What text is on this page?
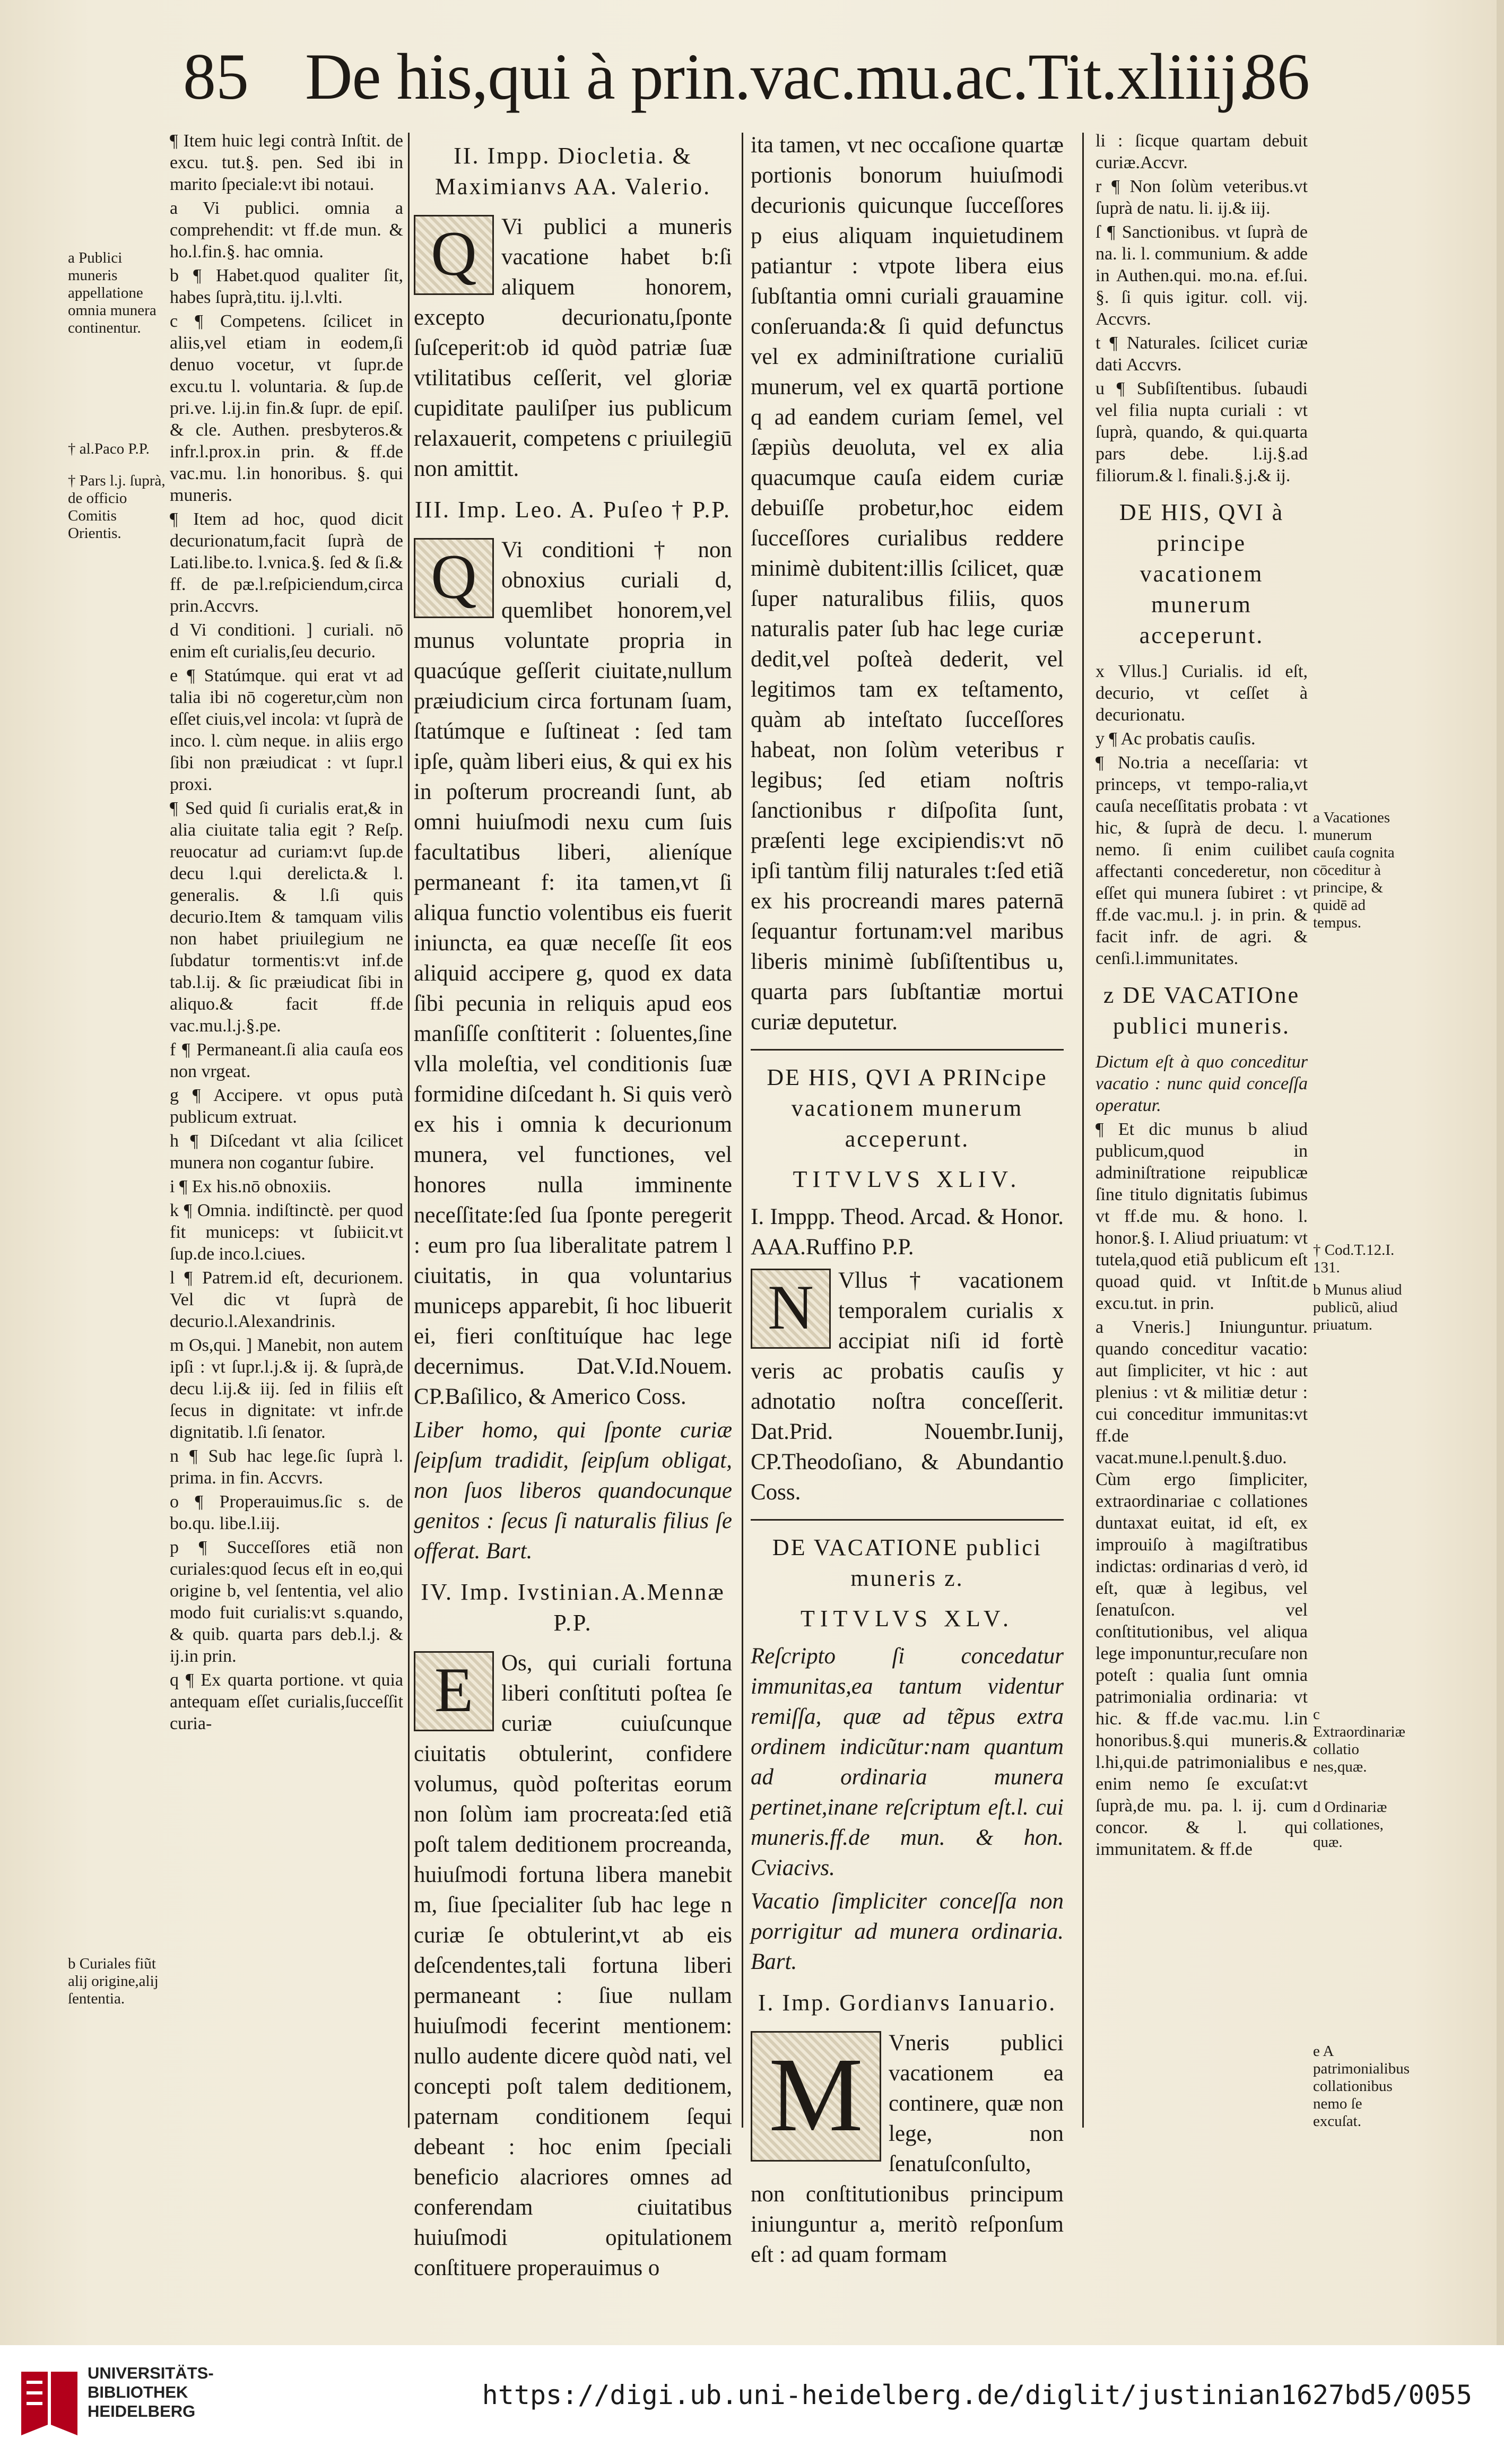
85 De his,qui à prin.vac.mu.ac.Tit.xliiij.
86

¶ Item huic legi contrà Inſtit. de excu. tut.§. pen. Sed ibi in marito ſpeciale:vt ibi notaui.

a Vi publici. omnia a comprehendit: vt ff.de mun. & ho.l.fin.§. hac omnia.

b ¶ Habet.quod qualiter ſit, habes ſuprà,titu. ij.l.vlti.

c ¶ Competens. ſcilicet in aliis,vel etiam in eodem,ſi denuo vocetur, vt ſupr.de excu.tu l. voluntaria. & ſup.de pri.ve. l.ij.in fin.& ſupr. de epiſ. & cle. Authen. presbyteros.& infr.l.prox.in prin. & ff.de vac.mu. l.in honoribus. §. qui muneris.

¶ Item ad hoc, quod dicit decurionatum,facit ſuprà de Lati.libe.to. l.vnica.§. ſed & ſi.& ff. de pæ.l.reſpiciendum,circa prin.Accvrs.

d Vi conditioni. ] curiali. nō enim eſt curialis,ſeu decurio.

e ¶ Statúmque. qui erat vt ad talia ibi nō cogeretur,cùm non eſſet ciuis,vel incola: vt ſuprà de inco. l. cùm neque. in aliis ergo ſibi non præiudicat : vt ſupr.l proxi.

¶ Sed quid ſi curialis erat,& in alia ciuitate talia egit ? Reſp. reuocatur ad curiam:vt ſup.de decu l.qui derelicta.& l. generalis. & l.ſi quis decurio.Item & tamquam vilis non habet priuilegium ne ſubdatur tormentis:vt inf.de tab.l.ij. & ſic præiudicat ſibi in aliquo.& facit ff.de vac.mu.l.j.§.pe.

f ¶ Permaneant.ſi alia cauſa eos non vrgeat.

g ¶ Accipere. vt opus putà publicum extruat.

h ¶ Diſcedant vt alia ſcilicet munera non cogantur ſubire.

i ¶ Ex his.nō obnoxiis.

k ¶ Omnia. indiſtinctè. per quod fit municeps: vt ſubiicit.vt ſup.de inco.l.ciues.

l ¶ Patrem.id eſt, decurionem. Vel dic vt ſuprà de decurio.l.Alexandrinis.

m Os,qui. ] Manebit, non autem ipſi : vt ſupr.l.j.& ij. & ſuprà,de decu l.ij.& iij. ſed in filiis eſt ſecus in dignitate: vt infr.de dignitatib. l.ſi ſenator.

n ¶ Sub hac lege.ſic ſuprà l. prima. in fin. Accvrs.

o ¶ Properauimus.ſic s. de bo.qu. libe.l.iij.

p ¶ Succeſſores etiã non curiales:quod ſecus eſt in eo,qui origine b, vel ſententia, vel alio modo fuit curialis:vt s.quando, & quib. quarta pars deb.l.j. & ij.in prin.

q ¶ Ex quarta portione. vt quia antequam eſſet curialis,ſucceſſit curia-

II. Impp. Diocletia. & Maximianvs AA. Valerio.

Q	Vi publici a muneris vacatione habet b:ſi aliquem honorem, excepto decurionatu,ſponte ſuſceperit:ob id quòd patriæ ſuæ vtilitatibus ceſſerit, vel gloriæ cupiditate pauliſper ius publicum relaxauerit, competens c priuilegiū non amittit.

III. Imp. Leo. A. Puſeo † P.P.

Q	Vi conditioni † non obnoxius curiali d, quemlibet honorem,vel munus voluntate propria in quacúque geſſerit ciuitate,nullum præiudicium circa fortunam ſuam, ſtatúmque e ſuſtineat : ſed tam ipſe, quàm liberi eius, & qui ex his in poſterum procreandi ſunt, ab omni huiuſmodi nexu cum ſuis facultatibus liberi, alieníque permaneant f: ita tamen,vt ſi aliqua functio volentibus eis fuerit iniuncta, ea quæ neceſſe ſit eos aliquid accipere g, quod ex data ſibi pecunia in reliquis apud eos manſiſſe conſtiterit : ſoluentes,ſine vlla moleſtia, vel conditionis ſuæ formidine diſcedant h. Si quis verò ex his i omnia k decurionum munera, vel functiones, vel honores nulla imminente neceſſitate:ſed ſua ſponte peregerit : eum pro ſua liberalitate patrem l ciuitatis, in qua voluntarius municeps apparebit, ſi hoc libuerit ei, fieri conſtituíque hac lege decernimus. Dat.V.Id.Nouem. CP.Baſilico, & Americo Coss.

Liber homo, qui ſponte curiæ ſeipſum tradidit, ſeipſum obligat, non ſuos liberos quandocunque genitos : ſecus ſi naturalis filius ſe offerat. Bart.

IV. Imp. Ivstinian.A.Mennæ P.P.

E	Os, qui curiali fortuna liberi conſtituti poſtea ſe curiæ cuiuſcunque ciuitatis obtulerint, confidere volumus, quòd poſteritas eorum non ſolùm iam procreata:ſed etiã poſt talem deditionem procreanda, huiuſmodi fortuna libera manebit m, ſiue ſpecialiter ſub hac lege n curiæ ſe obtulerint,vt ab eis deſcendentes,tali fortuna liberi permaneant : ſiue nullam huiuſmodi fecerint mentionem: nullo audente dicere quòd nati, vel concepti poſt talem deditionem, paternam conditionem ſequi debeant : hoc enim ſpeciali beneficio alacriores omnes ad conferendam ciuitatibus huiuſmodi opitulationem conſtituere properauimus o

ita tamen, vt nec occaſione quartæ portionis bonorum huiuſmodi decurionis quicunque ſucceſſores p eius aliquam inquietudinem patiantur : vtpote libera eius ſubſtantia omni curiali grauamine conſeruanda:& ſi quid defunctus vel ex adminiſtratione curialiū munerum, vel ex quartā portione q ad eandem curiam ſemel, vel ſæpiùs deuoluta, vel ex alia quacumque cauſa eidem curiæ debuiſſe probetur,hoc eidem ſucceſſores curialibus reddere minimè dubitent:illis ſcilicet, quæ ſuper naturalibus filiis, quos naturalis pater ſub hac lege curiæ dedit,vel poſteà dederit, vel legitimos tam ex teſtamento, quàm ab inteſtato ſucceſſores habeat, non ſolùm veteribus r legibus; ſed etiam noſtris ſanctionibus r diſpoſita ſunt, præſenti lege excipiendis:vt nō ipſi tantùm filij naturales t:ſed etiã ex his procreandi mares paternā ſequantur fortunam:vel maribus liberis minimè ſubſiſtentibus u, quarta pars ſubſtantiæ mortui curiæ deputetur.

DE HIS, QVI A PRINcipe vacationem munerum acceperunt.
TITVLVS XLIV.

I. Imppp. Theod. Arcad. & Honor. AAA.Ruffino P.P.

N	Vllus † vacationem temporalem curialis x accipiat niſi id fortè veris ac probatis cauſis y adnotatio noſtra conceſſerit. Dat.Prid. Nouembr.Iunij, CP.Theodoſiano, & Abundantio Coss.

DE VACATIONE publici muneris z.
TITVLVS XLV.

Reſcripto ſi concedatur immunitas,ea tantum videntur remiſſa, quæ ad tẽpus extra ordinem indicũtur:nam quantum ad ordinaria munera pertinet,inane reſcriptum eſt.l. cui muneris.ff.de mun. & hon. Cviacivs.

Vacatio ſimpliciter conceſſa non porrigitur ad munera ordinaria. Bart.

I. Imp. Gordianvs Ianuario.

M	Vneris publici vacationem ea continere, quæ non lege, non ſenatuſconſulto, non conſtitutionibus principum iniunguntur a, meritò reſponſum eſt : ad quam formam

li : ſicque quartam debuit curiæ.Accvr.

r ¶ Non ſolùm veteribus.vt ſuprà de natu. li. ij.& iij.

ſ ¶ Sanctionibus. vt ſuprà de na. li. l. communium. & adde in Authen.qui. mo.na. ef.ſui. §. ſi quis igitur. coll. vij. Accvrs.

t ¶ Naturales. ſcilicet curiæ dati Accvrs.

u ¶ Subſiſtentibus. ſubaudi vel filia nupta curiali : vt ſuprà, quando, & qui.quarta pars debe. l.ij.§.ad filiorum.& l. finali.§.j.& ij.

DE HIS, QVI à principe vacationem munerum acceperunt.

x Vllus.] Curialis. id eſt, decurio, vt ceſſet à decurionatu.

y ¶ Ac probatis cauſis.

¶ No.tria a neceſſaria: vt princeps, vt tempo-ralia,vt cauſa neceſſitatis probata : vt hic, & ſuprà de decu. l. nemo. ſi enim cuilibet affectanti concederetur, non eſſet qui munera ſubiret : vt ff.de vac.mu.l. j. in prin. & facit infr. de agri. & cenſi.l.immunitates.

z DE VACATIOne publici muneris.

Dictum eſt à quo conceditur vacatio : nunc quid conceſſa operatur.

¶ Et dic munus b aliud publicum,quod in adminiſtratione reipublicæ ſine titulo dignitatis ſubimus vt ff.de mu. & hono. l. honor.§. I. Aliud priuatum: vt tutela,quod etiã publicum eſt quoad quid. vt Inſtit.de excu.tut. in prin.

a Vneris.] Iniunguntur. quando conceditur vacatio: aut ſimpliciter, vt hic : aut plenius : vt & militiæ detur : cui conceditur immunitas:vt ff.de vacat.mune.l.penult.§.duo. Cùm ergo ſimpliciter, extraordinariae c collationes duntaxat euitat, id eſt, ex improuiſo à magiſtratibus indictas: ordinarias d verò, id eſt, quæ à legibus, vel ſenatuſcon. vel conſtitutionibus, vel aliqua lege imponuntur,recuſare non poteſt : qualia ſunt omnia patrimonialia ordinaria: vt hic. & ff.de vac.mu. l.in honoribus.§.qui muneris.& l.hi,qui.de patrimonialibus e enim nemo ſe excuſat:vt ſuprà,de mu. pa. l. ij. cum concor. & l. qui immunitatem. & ff.de

a Publici muneris appellatione omnia munera continentur.
† al.Paco P.P.
† Pars l.j. ſuprà, de officio Comitis Orientis.
b Curiales fiũt alij origine,alij ſententia.
a Vacationes munerum cauſa cognita cōceditur à principe, & quidē ad tempus.
† Cod.T.12.I. 131.
b Munus aliud publicũ, aliud priuatum.
c Extraordinariæ collatio nes,quæ.
d Ordinariæ collationes, quæ.
e A patrimonialibus collationibus nemo ſe excuſat.
UNIVERSITÄTS-
BIBLIOTHEK
HEIDELBERG
https://digi.ub.uni-heidelberg.de/diglit/justinian1627bd5/0055
